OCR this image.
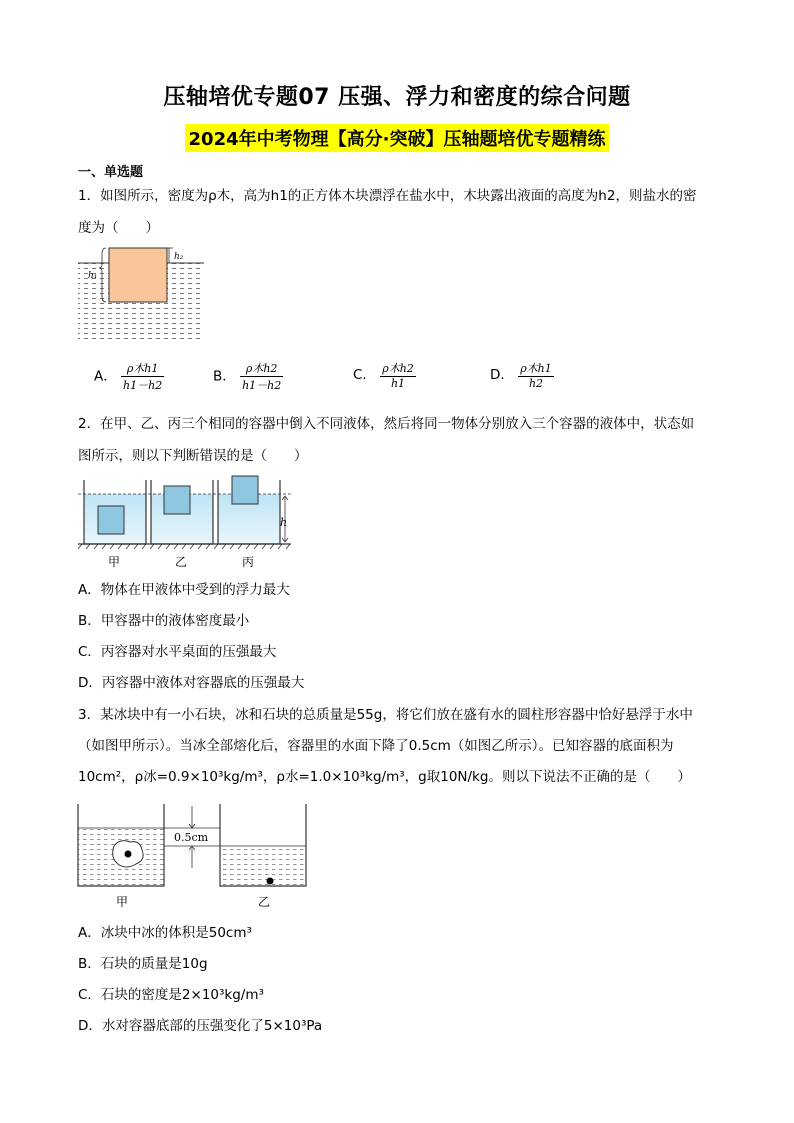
压轴培优专题07 压强、浮力和密度的综合问题
2024年中考物理【高分·突破】压轴题培优专题精练
一、单选题
1．如图所示，密度为ρ木，高为h1的正方体木块漂浮在盐水中，木块露出液面的高度为h2，则盐水的密
度为（　　）
h₂
h₁
A． ρ木h1
h1－h2
B． ρ木h2
h1－h2
C． ρ木h2
h1
D． ρ木h1
h2
2．在甲、乙、丙三个相同的容器中倒入不同液体，然后将同一物体分别放入三个容器的液体中，状态如
图所示，则以下判断错误的是（　　）
h
甲	乙	丙
A．物体在甲液体中受到的浮力最大
B．甲容器中的液体密度最小
C．丙容器对水平桌面的压强最大
D．丙容器中液体对容器底的压强最大
3．某冰块中有一小石块，冰和石块的总质量是55g，将它们放在盛有水的圆柱形容器中恰好悬浮于水中
（如图甲所示）。当冰全部熔化后，容器里的水面下降了0.5cm（如图乙所示）。已知容器的底面积为
10cm²，ρ冰=0.9×10³kg/m³，ρ水=1.0×10³kg/m³，g取10N/kg。则以下说法不正确的是（　　）
0.5cm
甲	乙
A．冰块中冰的体积是50cm³
B．石块的质量是10g
C．石块的密度是2×10³kg/m³
D．水对容器底部的压强变化了5×10³Pa
